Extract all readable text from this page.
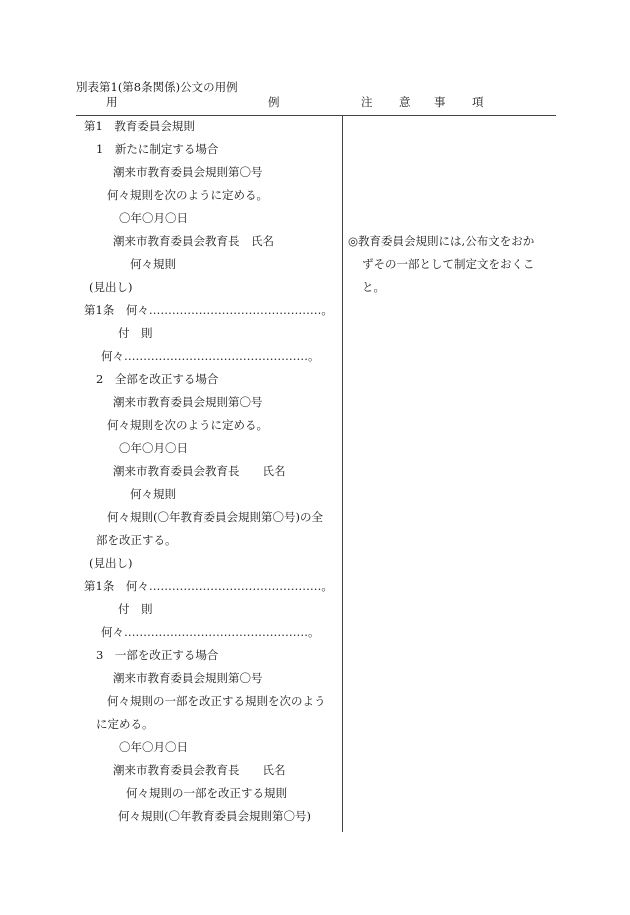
別表第1(第8条関係)公文の用例
用	例	注 意 事 項
第1　教育委員会規則
1　新たに制定する場合
潮来市教育委員会規則第〇号
何々規則を次のように定める。
〇年〇月〇日
潮来市教育委員会教育長　氏名
何々規則
(見出し)
第1条　何々………………………………………。
付　則
何々…………………………………………。
2　全部を改正する場合
潮来市教育委員会規則第〇号
何々規則を次のように定める。
〇年〇月〇日
潮来市教育委員会教育長　　氏名
何々規則
何々規則(〇年教育委員会規則第〇号)の全
部を改正する。
(見出し)
第1条　何々………………………………………。
付　則
何々…………………………………………。
3　一部を改正する場合
潮来市教育委員会規則第〇号
何々規則の一部を改正する規則を次のよう
に定める。
〇年〇月〇日
潮来市教育委員会教育長　　氏名
何々規則の一部を改正する規則
何々規則(〇年教育委員会規則第〇号)
◎教育委員会規則には,公布文をおか
ずその一部として制定文をおくこ
と。
